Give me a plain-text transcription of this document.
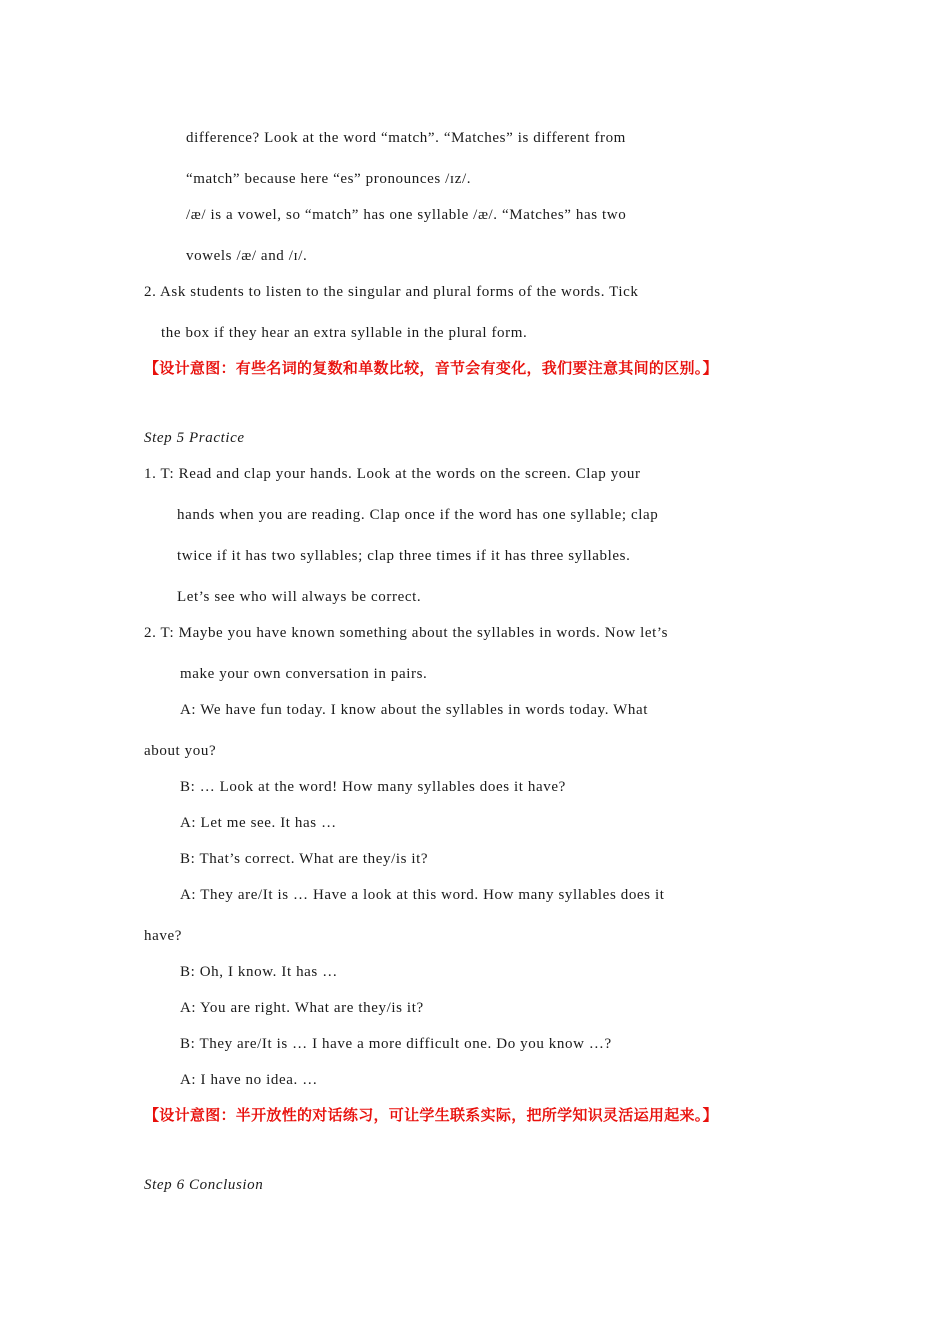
difference? Look at the word “match”. “Matches” is different from
“match” because here “es” pronounces /ɪz/.
/æ/ is a vowel, so “match” has one syllable /æ/. “Matches” has two
vowels /æ/ and /ɪ/.
2. Ask students to listen to the singular and plural forms of the words. Tick
the box if they hear an extra syllable in the plural form.
【设计意图：有些名词的复数和单数比较，音节会有变化，我们要注意其间的区别。】
Step 5 Practice
1. T: Read and clap your hands. Look at the words on the screen. Clap your
hands when you are reading. Clap once if the word has one syllable; clap
twice if it has two syllables; clap three times if it has three syllables.
Let’s see who will always be correct.
2. T: Maybe you have known something about the syllables in words. Now let’s
make your own conversation in pairs.
A: We have fun today. I know about the syllables in words today. What
about you?
B: … Look at the word! How many syllables does it have?
A: Let me see. It has …
B: That’s correct. What are they/is it?
A: They are/It is … Have a look at this word. How many syllables does it
have?
B: Oh, I know. It has …
A: You are right. What are they/is it?
B: They are/It is … I have a more difficult one. Do you know …?
A: I have no idea. …
【设计意图：半开放性的对话练习，可让学生联系实际，把所学知识灵活运用起来。】
Step 6 Conclusion
